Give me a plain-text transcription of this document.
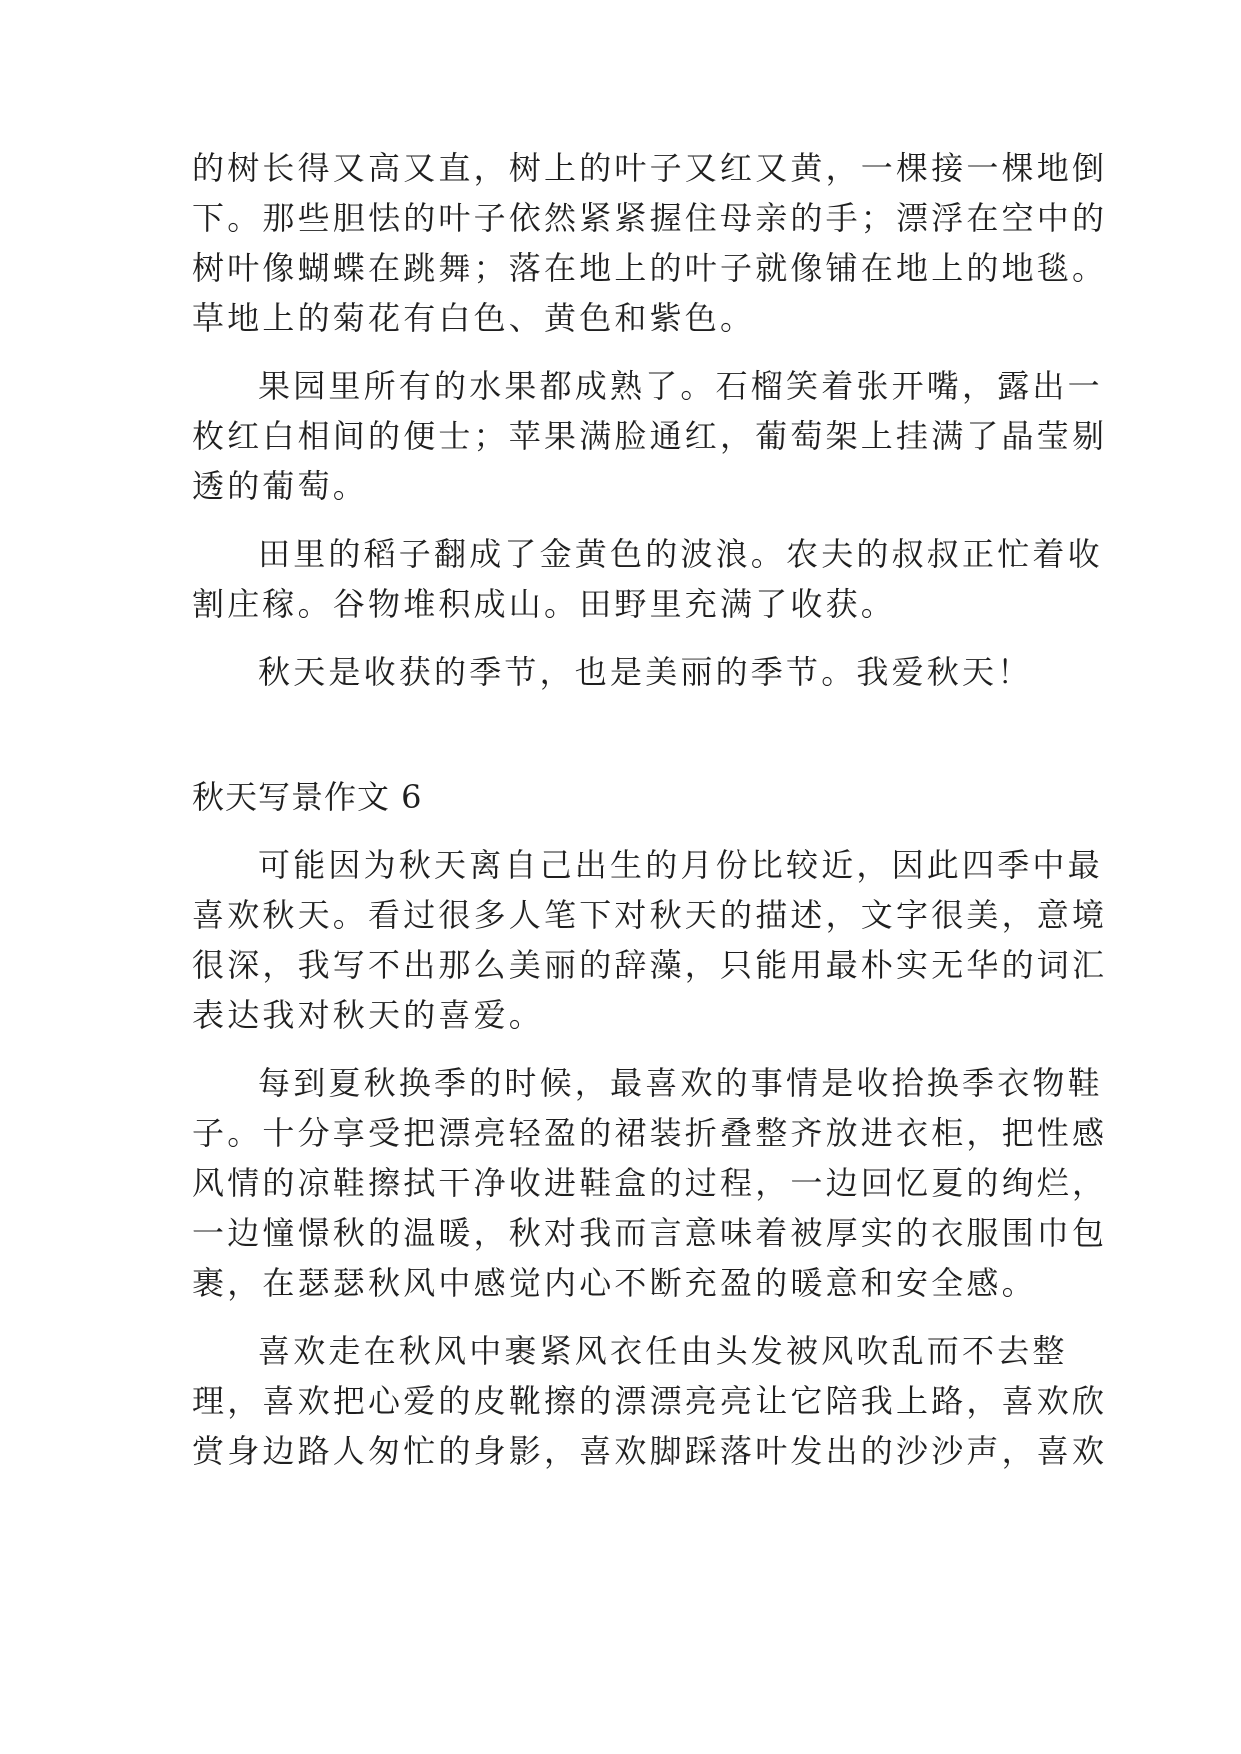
的树长得又高又直，树上的叶子又红又黄，一棵接一棵地倒

下。那些胆怯的叶子依然紧紧握住母亲的手；漂浮在空中的

树叶像蝴蝶在跳舞；落在地上的叶子就像铺在地上的地毯。

草地上的菊花有白色、黄色和紫色。

果园里所有的水果都成熟了。石榴笑着张开嘴，露出一

枚红白相间的便士；苹果满脸通红，葡萄架上挂满了晶莹剔

透的葡萄。

田里的稻子翻成了金黄色的波浪。农夫的叔叔正忙着收

割庄稼。谷物堆积成山。田野里充满了收获。

秋天是收获的季节，也是美丽的季节。我爱秋天！

秋天写景作文 6

可能因为秋天离自己出生的月份比较近，因此四季中最

喜欢秋天。看过很多人笔下对秋天的描述，文字很美，意境

很深，我写不出那么美丽的辞藻，只能用最朴实无华的词汇

表达我对秋天的喜爱。

每到夏秋换季的时候，最喜欢的事情是收拾换季衣物鞋

子。十分享受把漂亮轻盈的裙装折叠整齐放进衣柜，把性感

风情的凉鞋擦拭干净收进鞋盒的过程，一边回忆夏的绚烂，

一边憧憬秋的温暖，秋对我而言意味着被厚实的衣服围巾包

裹，在瑟瑟秋风中感觉内心不断充盈的暖意和安全感。

喜欢走在秋风中裹紧风衣任由头发被风吹乱而不去整

理，喜欢把心爱的皮靴擦的漂漂亮亮让它陪我上路，喜欢欣

赏身边路人匆忙的身影，喜欢脚踩落叶发出的沙沙声，喜欢
